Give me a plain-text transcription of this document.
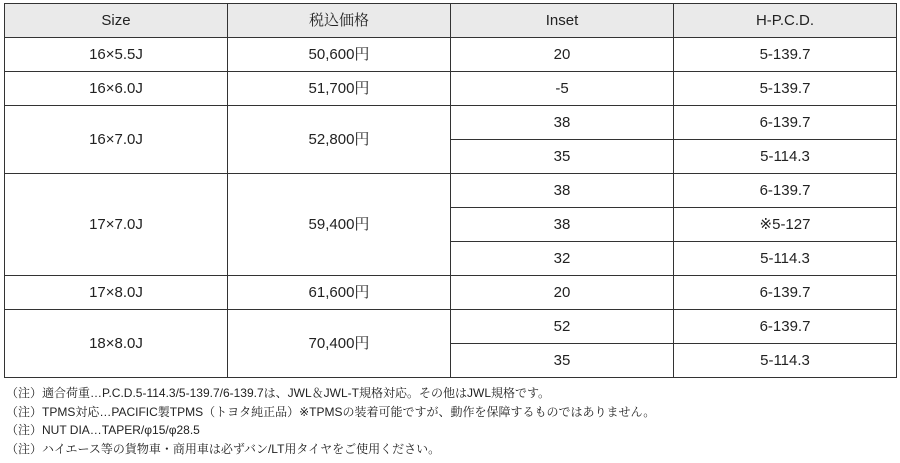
Size	税込価格	Inset	H-P.C.D.
16×5.5J	50,600円	20	5-139.7
16×6.0J	51,700円	-5	5-139.7
16×7.0J	52,800円	38	6-139.7
		35	5-114.3
17×7.0J	59,400円	38	6-139.7
		38	※5-127
		32	5-114.3
17×8.0J	61,600円	20	6-139.7
18×8.0J	70,400円	52	6-139.7
		35	5-114.3
（注）適合荷重…P.C.D.5-114.3/5-139.7/6-139.7は、JWL＆JWL-T規格対応。その他はJWL規格です。
（注）TPMS対応…PACIFIC製TPMS（トヨタ純正品）※TPMSの装着可能ですが、動作を保障するものではありません。
（注）NUT DIA…TAPER/φ15/φ28.5
（注）ハイエース等の貨物車・商用車は必ずバン/LT用タイヤをご使用ください。
